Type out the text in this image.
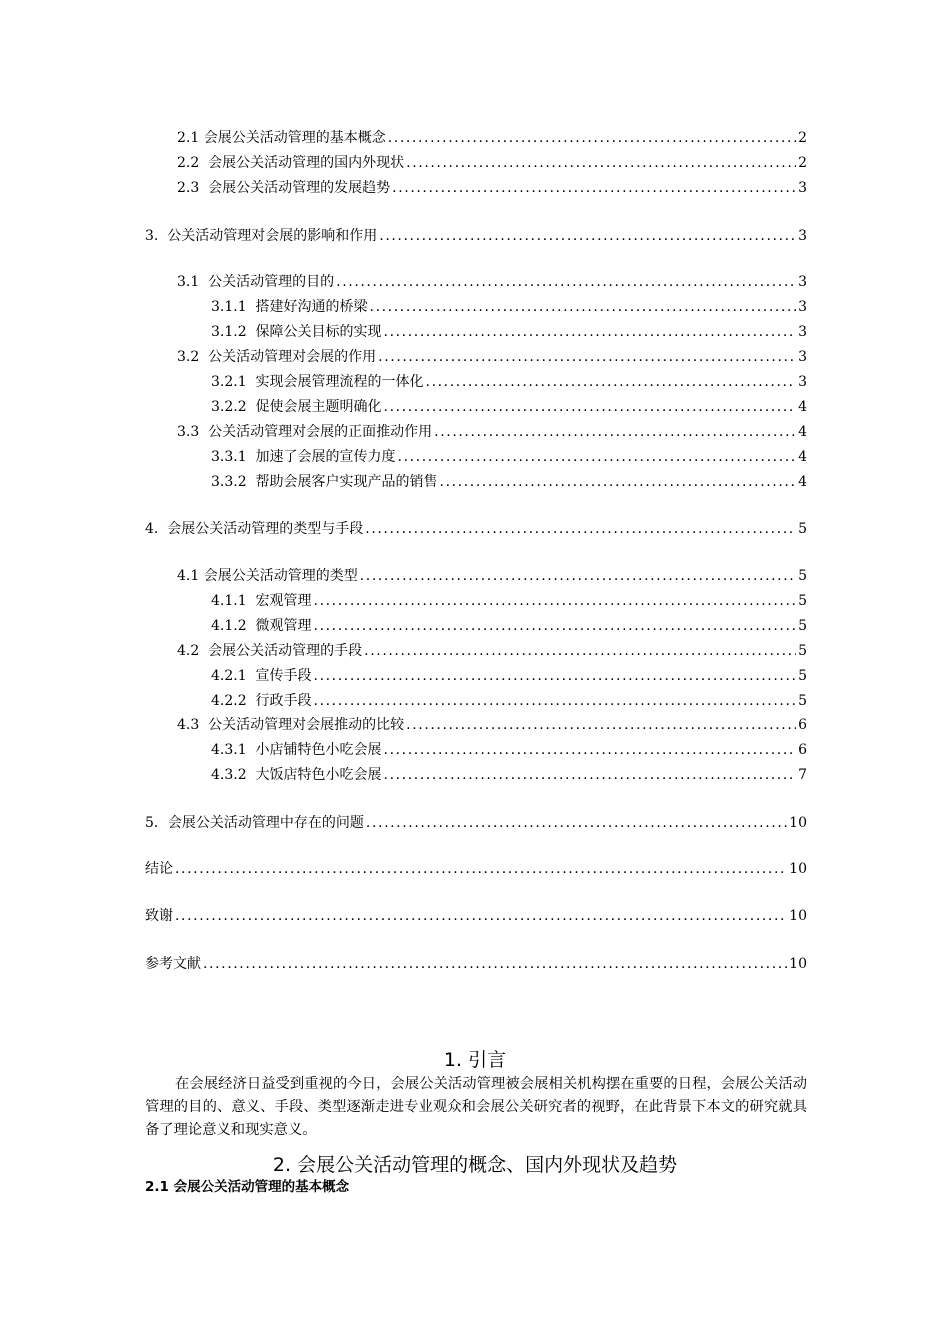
2.1 会展公关活动管理的基本概念 .....	2
2.2  会展公关活动管理的国内外现状 .....	2
2.3  会展公关活动管理的发展趋势 .....	3
3.  公关活动管理对会展的影响和作用 .....	3
3.1  公关活动管理的目的 .....	3
3.1.1  搭建好沟通的桥梁 .....	3
3.1.2  保障公关目标的实现 .....	3
3.2  公关活动管理对会展的作用 .....	3
3.2.1  实现会展管理流程的一体化 .....	3
3.2.2  促使会展主题明确化 .....	4
3.3  公关活动管理对会展的正面推动作用 .....	4
3.3.1  加速了会展的宣传力度 .....	4
3.3.2  帮助会展客户实现产品的销售 .....	4
4.  会展公关活动管理的类型与手段 .....	5
4.1 会展公关活动管理的类型 .....	5
4.1.1  宏观管理 .....	5
4.1.2  微观管理 .....	5
4.2  会展公关活动管理的手段 .....	5
4.2.1  宣传手段 .....	5
4.2.2  行政手段 .....	5
4.3  公关活动管理对会展推动的比较 .....	6
4.3.1  小店铺特色小吃会展 .....	6
4.3.2  大饭店特色小吃会展 .....	7
5．会展公关活动管理中存在的问题 .....	10
结论 .....	10
致谢 .....	10
参考文献 .....	10
1. 引言
在会展经济日益受到重视的今日，会展公关活动管理被会展相关机构摆在重要的日程，会展公关活动管理的目的、意义、手段、类型逐渐走进专业观众和会展公关研究者的视野，在此背景下本文的研究就具备了理论意义和现实意义。
2. 会展公关活动管理的概念、国内外现状及趋势
2.1 会展公关活动管理的基本概念
